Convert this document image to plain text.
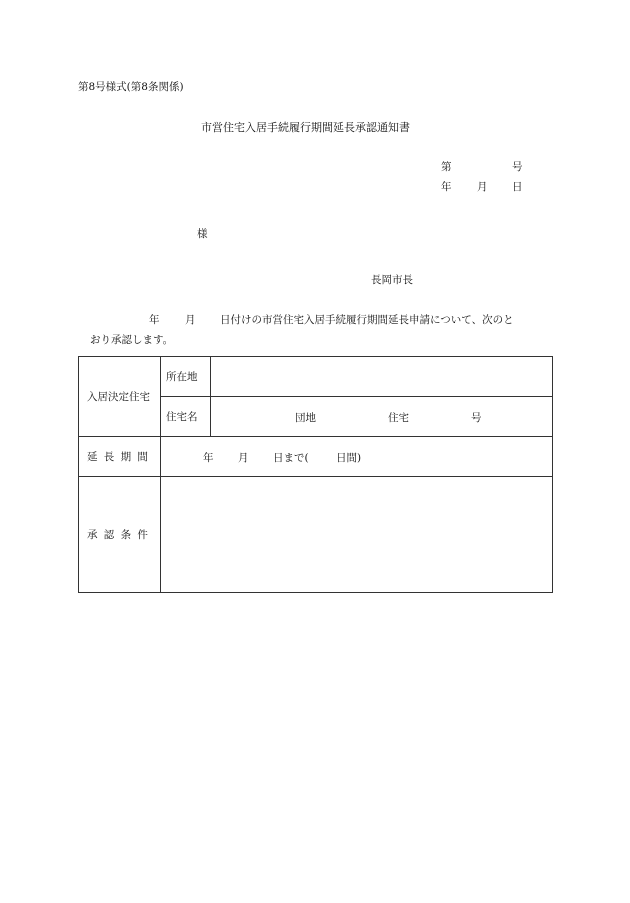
第8号様式(第8条関係)
市営住宅入居手続履行期間延長承認通知書
第	号
年 月 日
様
長岡市長
年 月 日付けの市営住宅入居手続履行期間延長申請について、次のと
おり承認します。
入居決定住宅	所在地	
	住宅名	団地 住宅 号

延長期間	年 月 日まで( 日間)	

承認条件		
